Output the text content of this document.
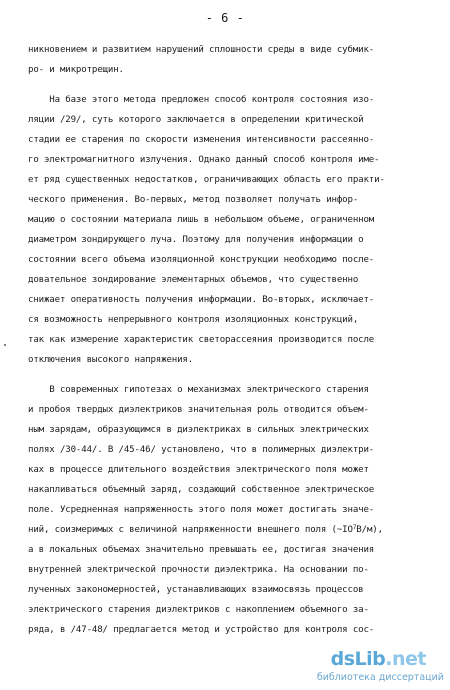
- 6 -
никновением и развитием нарушений сплошности среды в виде субмик-
ро- и микротрещин.
На базе этого метода предложен способ контроля состояния изо-
ляции /29/, суть которого заключается в определении критической
стадии ее старения по скорости изменения интенсивности рассеянно-
го электромагнитного излучения. Однако данный способ контроля име-
ет ряд существенных недостатков, ограничивающих область его практи-
ческого применения. Во-первых, метод позволяет получать инфор-
мацию о состоянии материала лишь в небольшом объеме, ограниченном
диаметром зондирующего луча. Поэтому для получения информации о
состоянии всего объема изоляционной конструкции необходимо после-
довательное зондирование элементарных объемов, что существенно
снижает оперативность получения информации. Во-вторых, исключает-
ся возможность непрерывного контроля изоляционных конструкций,
так как измерение характеристик светорассеяния производится после
отключения высокого напряжения.
В современных гипотезах о механизмах электрического старения
и пробоя твердых диэлектриков значительная роль отводится объем-
ным зарядам, образующимся в диэлектриках в сильных электрических
полях /30-44/. В /45-46/ установлено, что в полимерных диэлектри-
ках в процессе длительного воздействия электрического поля может
накапливаться объемный заряд, создающий собственное электрическое
поле. Усредненная напряженность этого поля может достигать значе-
ний, соизмеримых с величиной напряженности внешнего поля $(\sim IO^7В/м)$,
а в локальных объемах значительно превышать ее, достигая значения
внутренней электрической прочности диэлектрика. На основании по-
лученных закономерностей, устанавливающих взаимосвязь процессов
электрического старения диэлектриков с накоплением объемного за-
ряда, в /47-48/ предлагается метод и устройство для контроля сос-
dsLib.net
библиотека диссертаций
